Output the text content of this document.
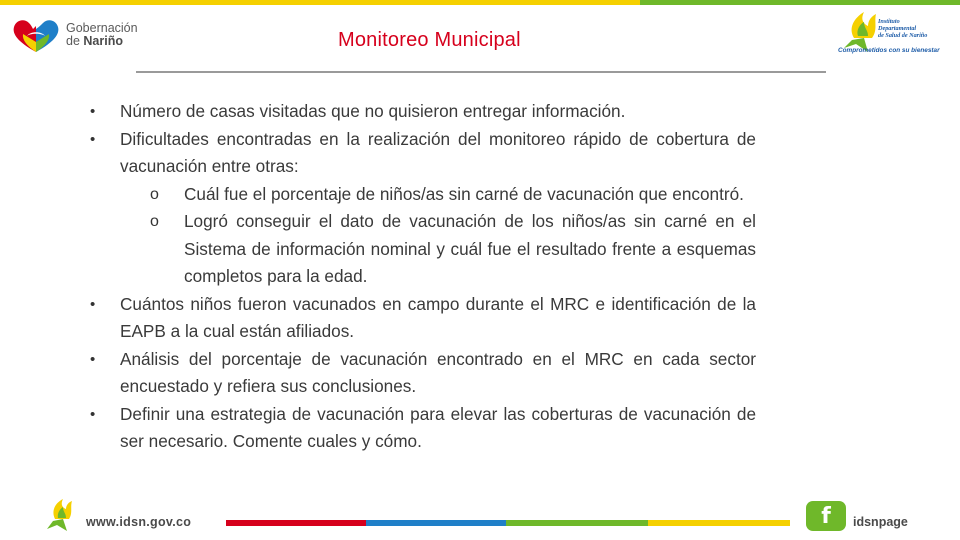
Gobernación
de Nariño	Monitoreo Municipal
Instituto
Departamental
de Salud de Nariño
Comprometidos con su bienestar
•	Número de casas visitadas que no quisieron entregar información.
•	Dificultades encontradas en la realización del monitoreo rápido de cobertura de vacunación entre otras:
o Cuál fue el porcentaje de niños/as sin carné de vacunación que encontró.
o Logró conseguir el dato de vacunación de los niños/as sin carné en el Sistema de información nominal y cuál fue el resultado frente a esquemas completos para la edad.
•	Cuántos niños fueron vacunados en campo durante el MRC e identificación de la EAPB a la cual están afiliados.
•	Análisis del porcentaje de vacunación encontrado en el MRC en cada sector encuestado y refiera sus conclusiones.
•	Definir una estrategia de vacunación para elevar las coberturas de vacunación de ser necesario. Comente cuales y cómo.
www.idsn.gov.co	f	idsnpage
